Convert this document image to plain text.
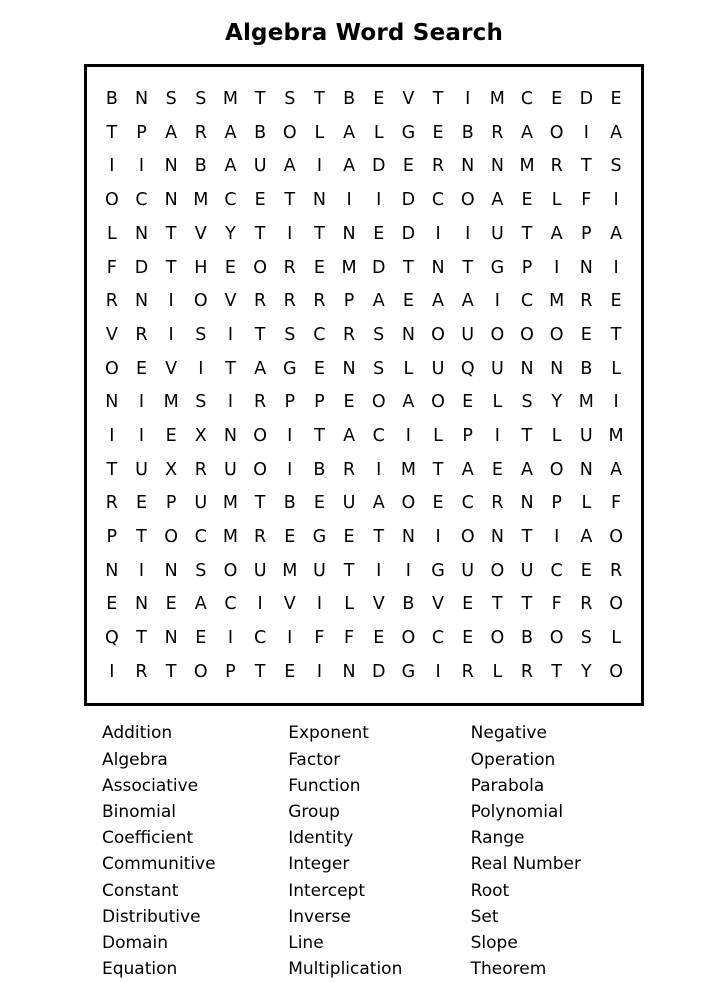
Algebra Word Search
B	N	S	S	M	T	S	T	B	E	V	T	I	M	C	E	D	E
T	P	A	R	A	B	O	L	A	L	G	E	B	R	A	O	I	A
I	I	N	B	A	U	A	I	A	D	E	R	N	N	M	R	T	S
O	C	N	M	C	E	T	N	I	I	D	C	O	A	E	L	F	I
L	N	T	V	Y	T	I	T	N	E	D	I	I	U	T	A	P	A
F	D	T	H	E	O	R	E	M	D	T	N	T	G	P	I	N	I
R	N	I	O	V	R	R	R	P	A	E	A	A	I	C	M	R	E
V	R	I	S	I	T	S	C	R	S	N	O	U	O	O	O	E	T
O	E	V	I	T	A	G	E	N	S	L	U	Q	U	N	N	B	L
N	I	M	S	I	R	P	P	E	O	A	O	E	L	S	Y	M	I
I	I	E	X	N	O	I	T	A	C	I	L	P	I	T	L	U	M
T	U	X	R	U	O	I	B	R	I	M	T	A	E	A	O	N	A
R	E	P	U	M	T	B	E	U	A	O	E	C	R	N	P	L	F
P	T	O	C	M	R	E	G	E	T	N	I	O	N	T	I	A	O
N	I	N	S	O	U	M	U	T	I	I	G	U	O	U	C	E	R
E	N	E	A	C	I	V	I	L	V	B	V	E	T	T	F	R	O
Q	T	N	E	I	C	I	F	F	E	O	C	E	O	B	O	S	L
I	R	T	O	P	T	E	I	N	D	G	I	R	L	R	T	Y	O
Addition
Algebra
Associative
Binomial
Coefficient
Communitive
Constant
Distributive
Domain
Equation
Exponent
Factor
Function
Group
Identity
Integer
Intercept
Inverse
Line
Multiplication
Negative
Operation
Parabola
Polynomial
Range
Real Number
Root
Set
Slope
Theorem
